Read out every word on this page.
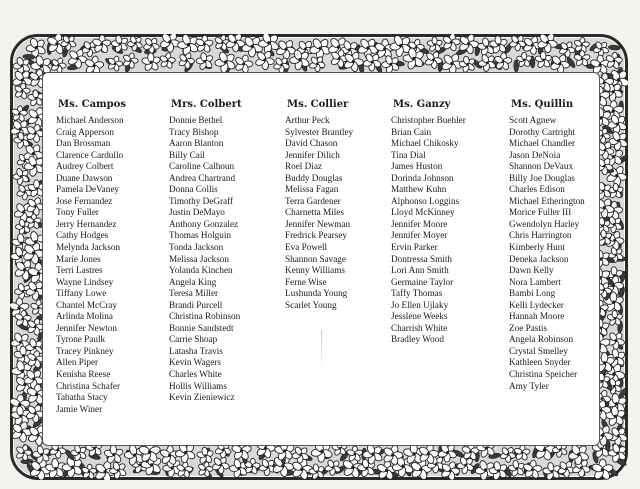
Ms. Campos
Michael Anderson
Craig Apperson
Dan Brossman
Clarence Cardullo
Audrey Colbert
Duane Dawson
Pamela DeVaney
Jose Fernandez
Tony Fuller
Jerry Hernandez
Cathy Hodges
Melynda Jackson
Marie Jones
Terri Lastres
Wayne Lindsey
Tiffany Lowe
Chantel McCray
Arlinda Molina
Jennifer Newton
Tyrone Paulk
Tracey Pinkney
Allen Piper
Kenisha Reese
Christina Schafer
Tabatha Stacy
Jamie Winer
Mrs. Colbert
Donnie Bethel
Tracy Bishop
Aaron Blanton
Billy Cail
Caroline Calhoun
Andrea Chartrand
Donna Collis
Timothy DeGraff
Justin DeMayo
Anthony Gonzalez
Thomas Holguin
Tonda Jackson
Melissa Jackson
Yolanda Kinchen
Angela King
Teresa Miller
Brandi Purcell
Christina Robinson
Bonnie Sandstedt
Carrie Shoap
Latasha Travis
Kevin Wagers
Charles White
Hollis Williams
Kevin Zieniewicz
Ms. Collier
Arthur Peck
Sylvester Brantley
David Chason
Jennifer Dilich
Roel Diaz
Buddy Douglas
Melissa Fagan
Terra Gardener
Charnetta Miles
Jennifer Newman
Fredrick Pearsey
Eva Powell
Shannon Savage
Kenny Williams
Ferne Wise
Lushunda Young
Scarlet Young
Ms. Ganzy
Christopher Buehler
Brian Cain
Michael Chikosky
Tina Dial
James Huston
Dorinda Johnson
Matthew Kuhn
Alphonso Loggins
Lloyd McKinney
Jennifer Moore
Jennifer Moyer
Ervin Parker
Dontressa Smith
Lori Ann Smith
Germaine Taylor
Taffy Thomas
Jo Ellen Ujlaky
Jesslene Weeks
Charrish White
Bradley Wood
Ms. Quillin
Scott Agnew
Dorothy Cartright
Michael Chandler
Jason DeNoia
Shannon DeVaux
Billy Joe Douglas
Charles Edison
Michael Etherington
Morice Fuller III
Gwendolyn Harley
Chris Harrington
Kimberly Hunt
Deneka Jackson
Dawn Kelly
Nora Lambert
Bambi Long
Kelli Lydecker
Hannah Moore
Zoe Pastis
Angela Robinson
Crystal Smelley
Kathleen Snyder
Christina Speicher
Amy Tyler
